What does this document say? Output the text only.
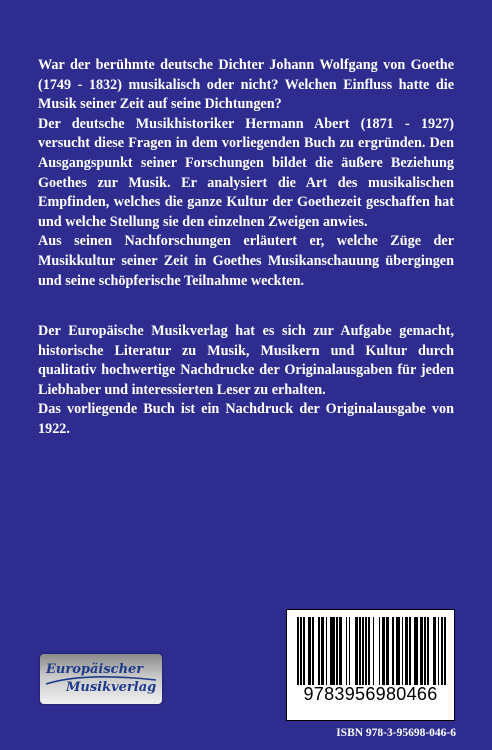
War der berühmte deutsche Dichter Johann Wolfgang von Goethe (1749 - 1832) musikalisch oder nicht? Welchen Einfluss hatte die Musik seiner Zeit auf seine Dichtungen?

Der deutsche Musikhistoriker Hermann Abert (1871 - 1927) versucht diese Fragen in dem vorliegenden Buch zu ergründen. Den Ausgangspunkt seiner Forschungen bildet die äußere Beziehung Goethes zur Musik. Er analysiert die Art des musikalischen Empfinden, welches die ganze Kultur der Goethezeit geschaffen hat und welche Stellung sie den einzelnen Zweigen anwies.

Aus seinen Nachforschungen erläutert er, welche Züge der Musikkultur seiner Zeit in Goethes Musikanschauung übergingen und seine schöpferische Teilnahme weckten.

Der Europäische Musikverlag hat es sich zur Aufgabe gemacht, historische Literatur zu Musik, Musikern und Kultur durch qualitativ hochwertige Nachdrucke der Originalausgaben für jeden Liebhaber und interessierten Leser zu erhalten.

Das vorliegende Buch ist ein Nachdruck der Originalausgabe von 1922.

Europäischer
Musikverlag	9783956980466
ISBN 978-3-95698-046-6
